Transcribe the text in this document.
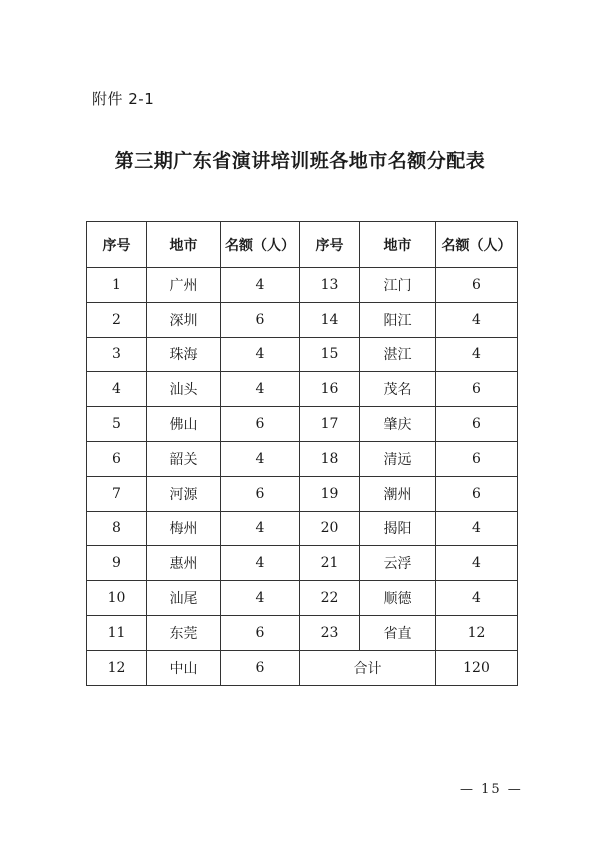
附件 2-1
第三期广东省演讲培训班各地市名额分配表
序号	地市	名额（人）	序号	地市	名额（人）
1	广州	4	13	江门	6
2	深圳	6	14	阳江	4
3	珠海	4	15	湛江	4
4	汕头	4	16	茂名	6
5	佛山	6	17	肇庆	6
6	韶关	4	18	清远	6
7	河源	6	19	潮州	6
8	梅州	4	20	揭阳	4
9	惠州	4	21	云浮	4
10	汕尾	4	22	顺德	4
11	东莞	6	23	省直	12
12	中山	6	合计		120
— 15 —
